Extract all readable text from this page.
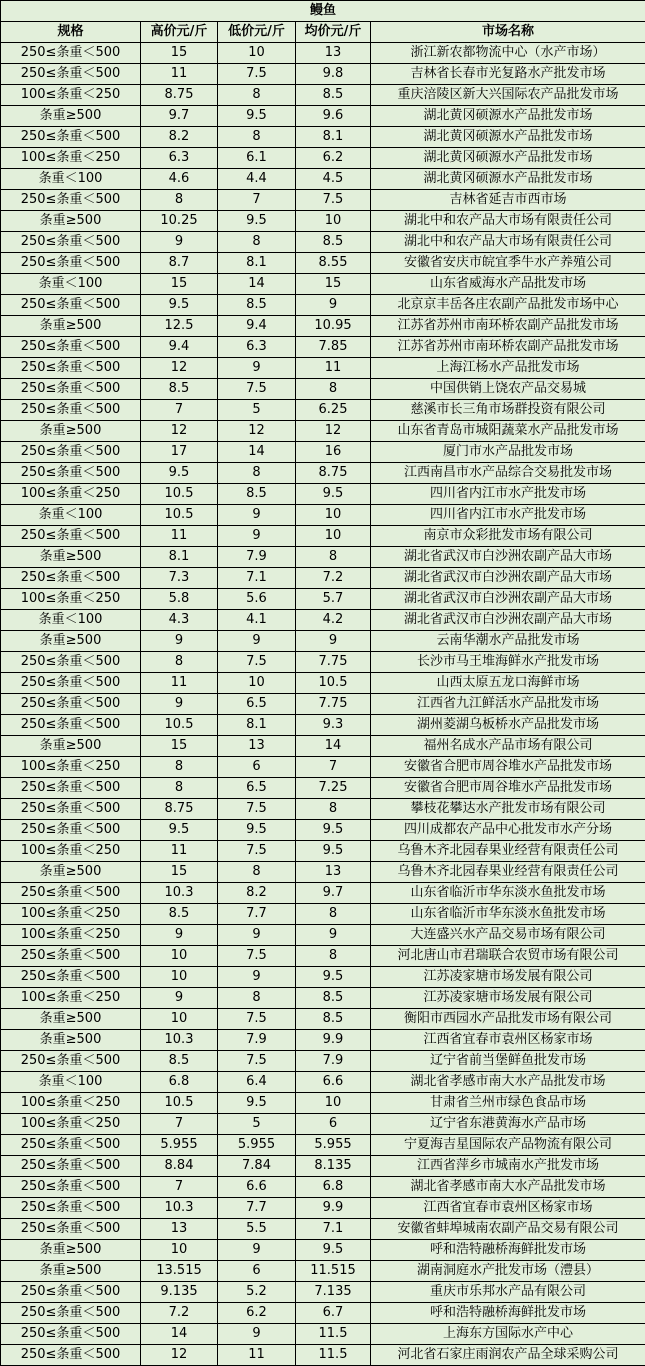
鳗鱼				
规格	高价元/斤	低价元/斤	均价元/斤	市场名称
250≤条重＜500	15	10	13	浙江新农都物流中心（水产市场）
250≤条重＜500	11	7.5	9.8	吉林省长春市光复路水产批发市场
100≤条重＜250	8.75	8	8.5	重庆涪陵区新大兴国际农产品批发市场
条重≥500	9.7	9.5	9.6	湖北黄冈硕源水产品批发市场
250≤条重＜500	8.2	8	8.1	湖北黄冈硕源水产品批发市场
100≤条重＜250	6.3	6.1	6.2	湖北黄冈硕源水产品批发市场
条重＜100	4.6	4.4	4.5	湖北黄冈硕源水产品批发市场
250≤条重＜500	8	7	7.5	吉林省延吉市西市场
条重≥500	10.25	9.5	10	湖北中和农产品大市场有限责任公司
250≤条重＜500	9	8	8.5	湖北中和农产品大市场有限责任公司
250≤条重＜500	8.7	8.1	8.55	安徽省安庆市皖宜季牛水产养殖公司
条重＜100	15	14	15	山东省威海水产品批发市场
250≤条重＜500	9.5	8.5	9	北京京丰岳各庄农副产品批发市场中心
条重≥500	12.5	9.4	10.95	江苏省苏州市南环桥农副产品批发市场
250≤条重＜500	9.4	6.3	7.85	江苏省苏州市南环桥农副产品批发市场
250≤条重＜500	12	9	11	上海江杨水产品批发市场
250≤条重＜500	8.5	7.5	8	中国供销上饶农产品交易城
250≤条重＜500	7	5	6.25	慈溪市长三角市场群投资有限公司
条重≥500	12	12	12	山东省青岛市城阳蔬菜水产品批发市场
250≤条重＜500	17	14	16	厦门市水产品批发市场
250≤条重＜500	9.5	8	8.75	江西南昌市水产品综合交易批发市场
100≤条重＜250	10.5	8.5	9.5	四川省内江市水产批发市场
条重＜100	10.5	9	10	四川省内江市水产批发市场
250≤条重＜500	11	9	10	南京市众彩批发市场有限公司
条重≥500	8.1	7.9	8	湖北省武汉市白沙洲农副产品大市场
250≤条重＜500	7.3	7.1	7.2	湖北省武汉市白沙洲农副产品大市场
100≤条重＜250	5.8	5.6	5.7	湖北省武汉市白沙洲农副产品大市场
条重＜100	4.3	4.1	4.2	湖北省武汉市白沙洲农副产品大市场
条重≥500	9	9	9	云南华潮水产品批发市场
250≤条重＜500	8	7.5	7.75	长沙市马王堆海鲜水产批发市场
250≤条重＜500	11	10	10.5	山西太原五龙口海鲜市场
250≤条重＜500	9	6.5	7.75	江西省九江鲜活水产品批发市场
250≤条重＜500	10.5	8.1	9.3	湖州菱湖乌板桥水产品批发市场
条重≥500	15	13	14	福州名成水产品市场有限公司
100≤条重＜250	8	6	7	安徽省合肥市周谷堆水产品批发市场
250≤条重＜500	8	6.5	7.25	安徽省合肥市周谷堆水产品批发市场
250≤条重＜500	8.75	7.5	8	攀枝花攀达水产批发市场有限公司
250≤条重＜500	9.5	9.5	9.5	四川成都农产品中心批发市水产分场
100≤条重＜250	11	7.5	9.5	乌鲁木齐北园春果业经营有限责任公司
条重≥500	15	8	13	乌鲁木齐北园春果业经营有限责任公司
250≤条重＜500	10.3	8.2	9.7	山东省临沂市华东淡水鱼批发市场
100≤条重＜250	8.5	7.7	8	山东省临沂市华东淡水鱼批发市场
100≤条重＜250	9	9	9	大连盛兴水产品交易市场有限公司
250≤条重＜500	10	7.5	8	河北唐山市君瑞联合农贸市场有限公司
250≤条重＜500	10	9	9.5	江苏凌家塘市场发展有限公司
100≤条重＜250	9	8	8.5	江苏凌家塘市场发展有限公司
条重≥500	10	7.5	8.5	衡阳市西园水产品批发市场有限公司
条重≥500	10.3	7.9	9.9	江西省宜春市袁州区杨家市场
250≤条重＜500	8.5	7.5	7.9	辽宁省前当堡鲜鱼批发市场
条重＜100	6.8	6.4	6.6	湖北省孝感市南大水产品批发市场
100≤条重＜250	10.5	9.5	10	甘肃省兰州市绿色食品市场
100≤条重＜250	7	5	6	辽宁省东港黄海水产品市场
250≤条重＜500	5.955	5.955	5.955	宁夏海吉星国际农产品物流有限公司
250≤条重＜500	8.84	7.84	8.135	江西省萍乡市城南水产批发市场
250≤条重＜500	7	6.6	6.8	湖北省孝感市南大水产品批发市场
250≤条重＜500	10.3	7.7	9.9	江西省宜春市袁州区杨家市场
250≤条重＜500	13	5.5	7.1	安徽省蚌埠城南农副产品交易有限公司
条重≥500	10	9	9.5	呼和浩特融桥海鲜批发市场
条重≥500	13.515	6	11.515	湖南洞庭水产批发市场（澧县）
250≤条重＜500	9.135	5.2	7.135	重庆市乐邦水产品有限公司
250≤条重＜500	7.2	6.2	6.7	呼和浩特融桥海鲜批发市场
250≤条重＜500	14	9	11.5	上海东方国际水产中心
250≤条重＜500	12	11	11.5	河北省石家庄雨润农产品全球采购公司
